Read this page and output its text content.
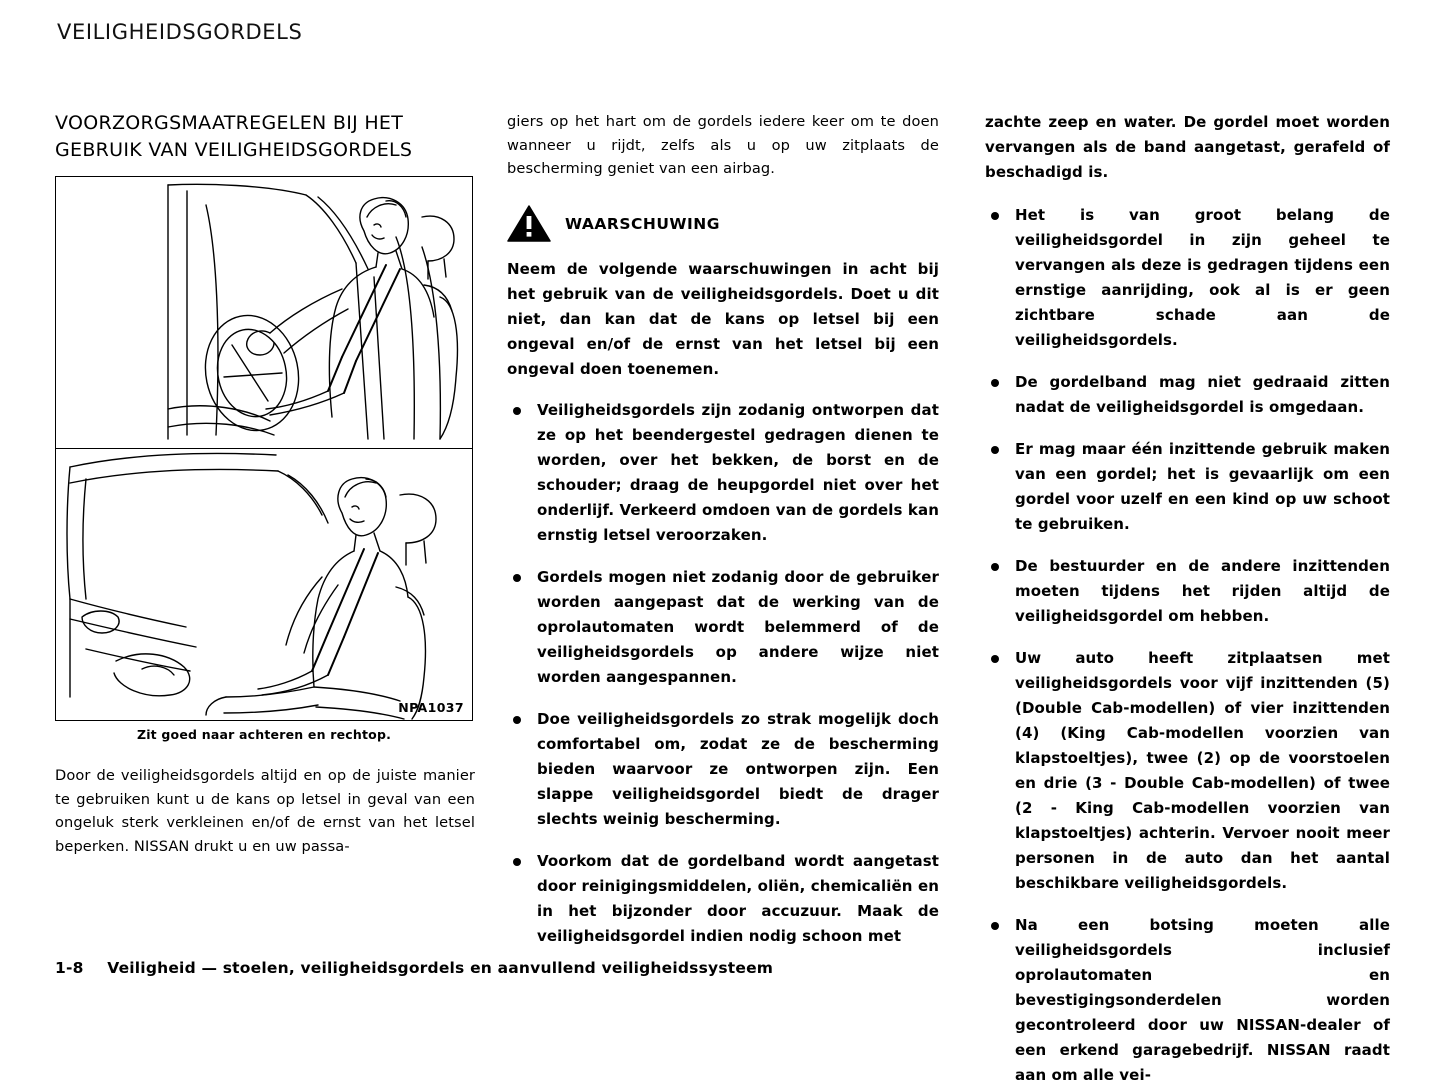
VEILIGHEIDSGORDELS
VOORZORGSMAATREGELEN BIJ HET GEBRUIK VAN VEILIGHEIDSGORDELS
NPA1037
Zit goed naar achteren en rechtop.
Door de veiligheidsgordels altijd en op de juiste manier te gebruiken kunt u de kans op letsel in geval van een ongeluk sterk verkleinen en/of de ernst van het letsel beperken. NISSAN drukt u en uw passa-
giers op het hart om de gordels iedere keer om te doen wanneer u rijdt, zelfs als u op uw zitplaats de bescherming geniet van een airbag.
WAARSCHUWING
Neem de volgende waarschuwingen in acht bij het gebruik van de veiligheidsgordels. Doet u dit niet, dan kan dat de kans op letsel bij een ongeval en/of de ernst van het letsel bij een ongeval doen toenemen.
Veiligheidsgordels zijn zodanig ontworpen dat ze op het beendergestel gedragen dienen te worden, over het bekken, de borst en de schouder; draag de heupgordel niet over het onderlijf. Verkeerd omdoen van de gordels kan ernstig letsel veroorzaken.
Gordels mogen niet zodanig door de gebruiker worden aangepast dat de werking van de oprolautomaten wordt belemmerd of de veiligheidsgordels op andere wijze niet worden aangespannen.
Doe veiligheidsgordels zo strak mogelijk doch comfortabel om, zodat ze de bescherming bieden waarvoor ze ontworpen zijn. Een slappe veiligheidsgordel biedt de drager slechts weinig bescherming.
Voorkom dat de gordelband wordt aangetast door reinigingsmiddelen, oliën, chemicaliën en in het bijzonder door accuzuur. Maak de veiligheidsgordel indien nodig schoon met
zachte zeep en water. De gordel moet worden vervangen als de band aangetast, gerafeld of beschadigd is.
Het is van groot belang de veiligheidsgordel in zijn geheel te vervangen als deze is gedragen tijdens een ernstige aanrijding, ook al is er geen zichtbare schade aan de veiligheidsgordels.
De gordelband mag niet gedraaid zitten nadat de veiligheidsgordel is omgedaan.
Er mag maar één inzittende gebruik maken van een gordel; het is gevaarlijk om een gordel voor uzelf en een kind op uw schoot te gebruiken.
De bestuurder en de andere inzittenden moeten tijdens het rijden altijd de veiligheidsgordel om hebben.
Uw auto heeft zitplaatsen met veiligheidsgordels voor vijf inzittenden (5) (Double Cab-modellen) of vier inzittenden (4) (King Cab-modellen voorzien van klapstoeltjes), twee (2) op de voorstoelen en drie (3 - Double Cab-modellen) of twee (2 - King Cab-modellen voorzien van klapstoeltjes) achterin. Vervoer nooit meer personen in de auto dan het aantal beschikbare veiligheidsgordels.
Na een botsing moeten alle veiligheidsgordels inclusief oprolautomaten en bevestigingsonderdelen worden gecontroleerd door uw NISSAN-dealer of een erkend garagebedrijf. NISSAN raadt aan om alle vei-
1-8 Veiligheid — stoelen, veiligheidsgordels en aanvullend veiligheidssysteem
